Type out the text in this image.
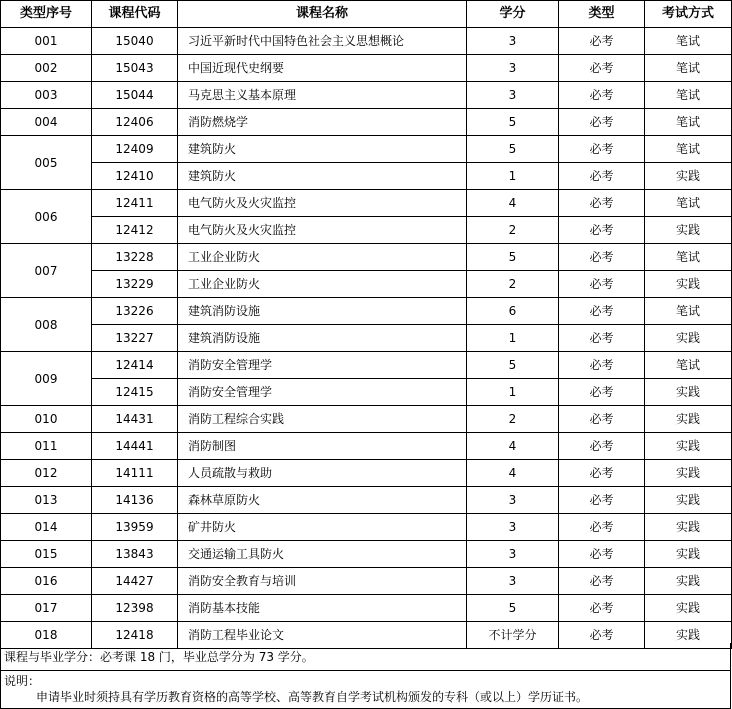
类型序号	课程代码	课程名称	学分	类型	考试方式
001	15040	习近平新时代中国特色社会主义思想概论	3	必考	笔试
002	15043	中国近现代史纲要	3	必考	笔试
003	15044	马克思主义基本原理	3	必考	笔试
004	12406	消防燃烧学	5	必考	笔试
005	12409	建筑防火	5	必考	笔试
	12410	建筑防火	1	必考	实践
006	12411	电气防火及火灾监控	4	必考	笔试
	12412	电气防火及火灾监控	2	必考	实践
007	13228	工业企业防火	5	必考	笔试
	13229	工业企业防火	2	必考	实践
008	13226	建筑消防设施	6	必考	笔试
	13227	建筑消防设施	1	必考	实践
009	12414	消防安全管理学	5	必考	笔试
	12415	消防安全管理学	1	必考	实践
010	14431	消防工程综合实践	2	必考	实践
011	14441	消防制图	4	必考	实践
012	14111	人员疏散与救助	4	必考	实践
013	14136	森林草原防火	3	必考	实践
014	13959	矿井防火	3	必考	实践
015	13843	交通运输工具防火	3	必考	实践
016	14427	消防安全教育与培训	3	必考	实践
017	12398	消防基本技能	5	必考	实践
018	12418	消防工程毕业论文	不计学分	必考	实践
课程与毕业学分：必考课 18 门，毕业总学分为 73 学分。
说明：
申请毕业时须持具有学历教育资格的高等学校、高等教育自学考试机构颁发的专科（或以上）学历证书。
